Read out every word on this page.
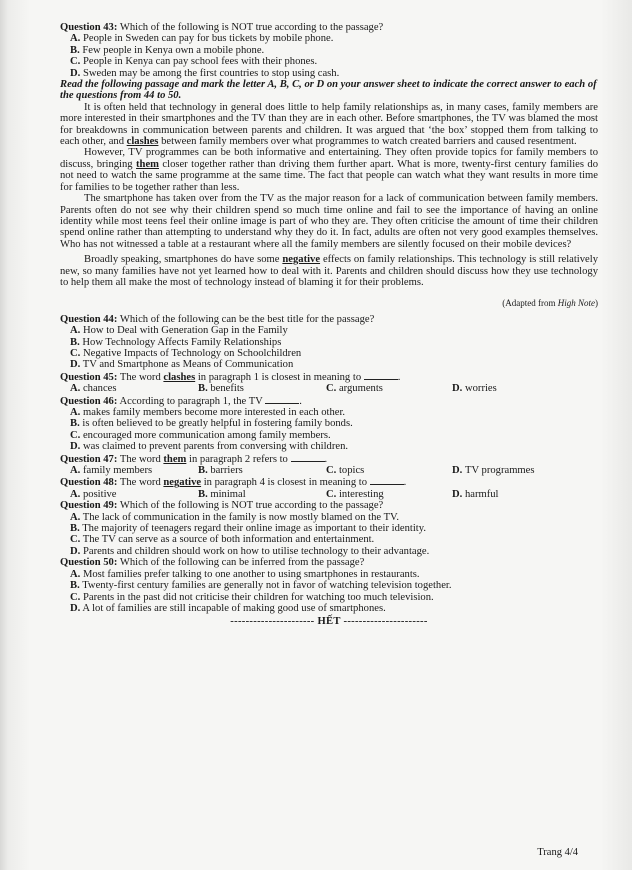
Question 43: Which of the following is NOT true according to the passage?

A. People in Sweden can pay for bus tickets by mobile phone.
B. Few people in Kenya own a mobile phone.
C. People in Kenya can pay school fees with their phones.
D. Sweden may be among the first countries to stop using cash.

Read the following passage and mark the letter A, B, C, or D on your answer sheet to indicate the correct answer to each of the questions from 44 to 50.

It is often held that technology in general does little to help family relationships as, in many cases, family members are more interested in their smartphones and the TV than they are in each other. Before smartphones, the TV was blamed the most for breakdowns in communication between parents and children. It was argued that ‘the box’ stopped them from talking to each other, and clashes between family members over what programmes to watch created barriers and caused resentment.

However, TV programmes can be both informative and entertaining. They often provide topics for family members to discuss, bringing them closer together rather than driving them further apart. What is more, twenty-first century families do not need to watch the same programme at the same time. The fact that people can watch what they want results in more time for families to be together rather than less.

The smartphone has taken over from the TV as the major reason for a lack of communication between family members. Parents often do not see why their children spend so much time online and fail to see the importance of having an online identity while most teens feel their online image is part of who they are. They often criticise the amount of time their children spend online rather than attempting to understand why they do it. In fact, adults are often not very good examples themselves. Who has not witnessed a table at a restaurant where all the family members are silently focused on their mobile devices?

Broadly speaking, smartphones do have some negative effects on family relationships. This technology is still relatively new, so many families have not yet learned how to deal with it. Parents and children should discuss how they use technology to help them all make the most of technology instead of blaming it for their problems.

(Adapted from High Note)

Question 44: Which of the following can be the best title for the passage?

A. How to Deal with Generation Gap in the Family
B. How Technology Affects Family Relationships
C. Negative Impacts of Technology on Schoolchildren
D. TV and Smartphone as Means of Communication

Question 45: The word clashes in paragraph 1 is closest in meaning to	.

A. chances	B. benefits	C. arguments	D. worries

Question 46: According to paragraph 1, the TV	.

A. makes family members become more interested in each other.
B. is often believed to be greatly helpful in fostering family bonds.
C. encouraged more communication among family members.
D. was claimed to prevent parents from conversing with children.

Question 47: The word them in paragraph 2 refers to	.

A. family members	B. barriers	C. topics	D. TV programmes

Question 48: The word negative in paragraph 4 is closest in meaning to	.

A. positive	B. minimal	C. interesting	D. harmful

Question 49: Which of the following is NOT true according to the passage?

A. The lack of communication in the family is now mostly blamed on the TV.
B. The majority of teenagers regard their online image as important to their identity.
C. The TV can serve as a source of both information and entertainment.
D. Parents and children should work on how to utilise technology to their advantage.

Question 50: Which of the following can be inferred from the passage?

A. Most families prefer talking to one another to using smartphones in restaurants.
B. Twenty-first century families are generally not in favor of watching television together.
C. Parents in the past did not criticise their children for watching too much television.
D. A lot of families are still incapable of making good use of smartphones.
---------------------- HẾT ----------------------
Trang 4/4
